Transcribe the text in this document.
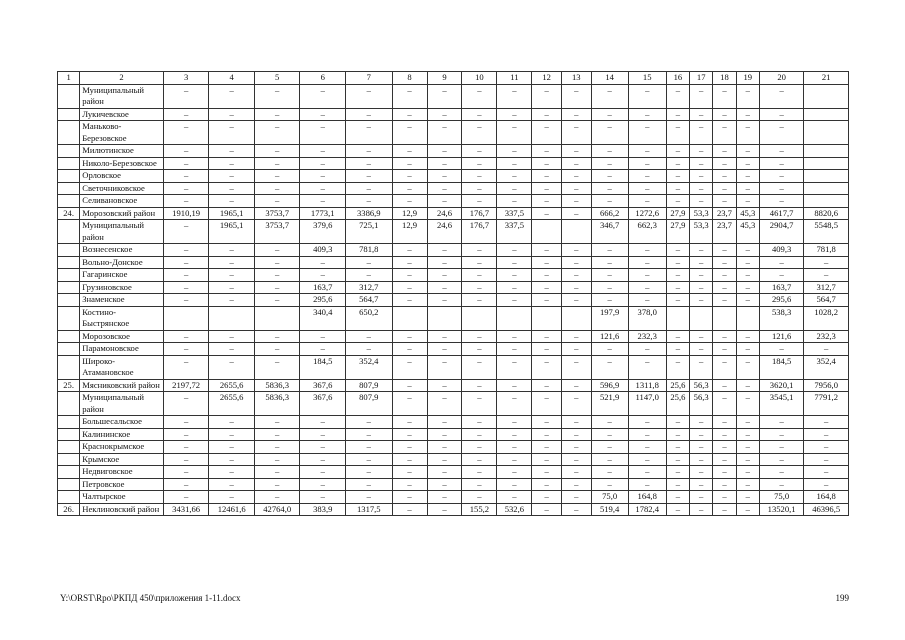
1	2	3	4	5	6	7	8	9	10	11	12	13	14	15	16	17	18	19	20	21
	Муниципальный район	–	–	–	–	–	–	–	–	–	–	–	–	–	–	–	–	–	–	
	Лукичевское	–	–	–	–	–	–	–	–	–	–	–	–	–	–	–	–	–	–	
	Маньково-Березовское	–	–	–	–	–	–	–	–	–	–	–	–	–	–	–	–	–	–	
	Милютинское	–	–	–	–	–	–	–	–	–	–	–	–	–	–	–	–	–	–	
	Николо-Березовское	–	–	–	–	–	–	–	–	–	–	–	–	–	–	–	–	–	–	
	Орловское	–	–	–	–	–	–	–	–	–	–	–	–	–	–	–	–	–	–	
	Светочниковское	–	–	–	–	–	–	–	–	–	–	–	–	–	–	–	–	–	–	
	Селивановское	–	–	–	–	–	–	–	–	–	–	–	–	–	–	–	–	–	–	
24.	Морозовский район	1910,19	1965,1	3753,7	1773,1	3386,9	12,9	24,6	176,7	337,5	–	–	666,2	1272,6	27,9	53,3	23,7	45,3	4617,7	8820,6
	Муниципальный район	–	1965,1	3753,7	379,6	725,1	12,9	24,6	176,7	337,5			346,7	662,3	27,9	53,3	23,7	45,3	2904,7	5548,5
	Вознесенское	–	–	–	409,3	781,8	–	–	–	–	–	–	–	–	–	–	–	–	409,3	781,8
	Вольно-Донское	–	–	–	–	–	–	–	–	–	–	–	–	–	–	–	–	–	–	–
	Гагаринское	–	–	–	–	–	–	–	–	–	–	–	–	–	–	–	–	–	–	–
	Грузиновское	–	–	–	163,7	312,7	–	–	–	–	–	–	–	–	–	–	–	–	163,7	312,7
	Знаменское	–	–	–	295,6	564,7	–	–	–	–	–	–	–	–	–	–	–	–	295,6	564,7
	Костино-Быстрянское				340,4	650,2							197,9	378,0					538,3	1028,2
	Морозовское	–	–	–	–	–	–	–	–	–	–	–	121,6	232,3	–	–	–	–	121,6	232,3
	Парамоновское	–	–	–	–	–	–	–	–	–	–	–	–	–	–	–	–	–	–	–
	Широко-Атамановское	–	–	–	184,5	352,4	–	–	–	–	–	–	–	–	–	–	–	–	184,5	352,4
25.	Мясниковский район	2197,72	2655,6	5836,3	367,6	807,9	–	–	–	–	–	–	596,9	1311,8	25,6	56,3	–	–	3620,1	7956,0
	Муниципальный район	–	2655,6	5836,3	367,6	807,9	–	–	–	–	–	–	521,9	1147,0	25,6	56,3	–	–	3545,1	7791,2
	Большесальское	–	–	–	–	–	–	–	–	–	–	–	–	–	–	–	–	–	–	–
	Калининское	–	–	–	–	–	–	–	–	–	–	–	–	–	–	–	–	–	–	–
	Краснокрымское	–	–	–	–	–	–	–	–	–	–	–	–	–	–	–	–	–	–	–
	Крымское	–	–	–	–	–	–	–	–	–	–	–	–	–	–	–	–	–	–	–
	Недвиговское	–	–	–	–	–	–	–	–	–	–	–	–	–	–	–	–	–	–	–
	Петровское	–	–	–	–	–	–	–	–	–	–	–	–	–	–	–	–	–	–	–
	Чалтырское	–	–	–	–	–	–	–	–	–	–	–	75,0	164,8	–	–	–	–	75,0	164,8
26.	Неклиновский район	3431,66	12461,6	42764,0	383,9	1317,5	–	–	155,2	532,6	–	–	519,4	1782,4	–	–	–	–	13520,1	46396,5
Y:\ORST\Rpo\РКПД 450\приложения 1-11.docx	199
